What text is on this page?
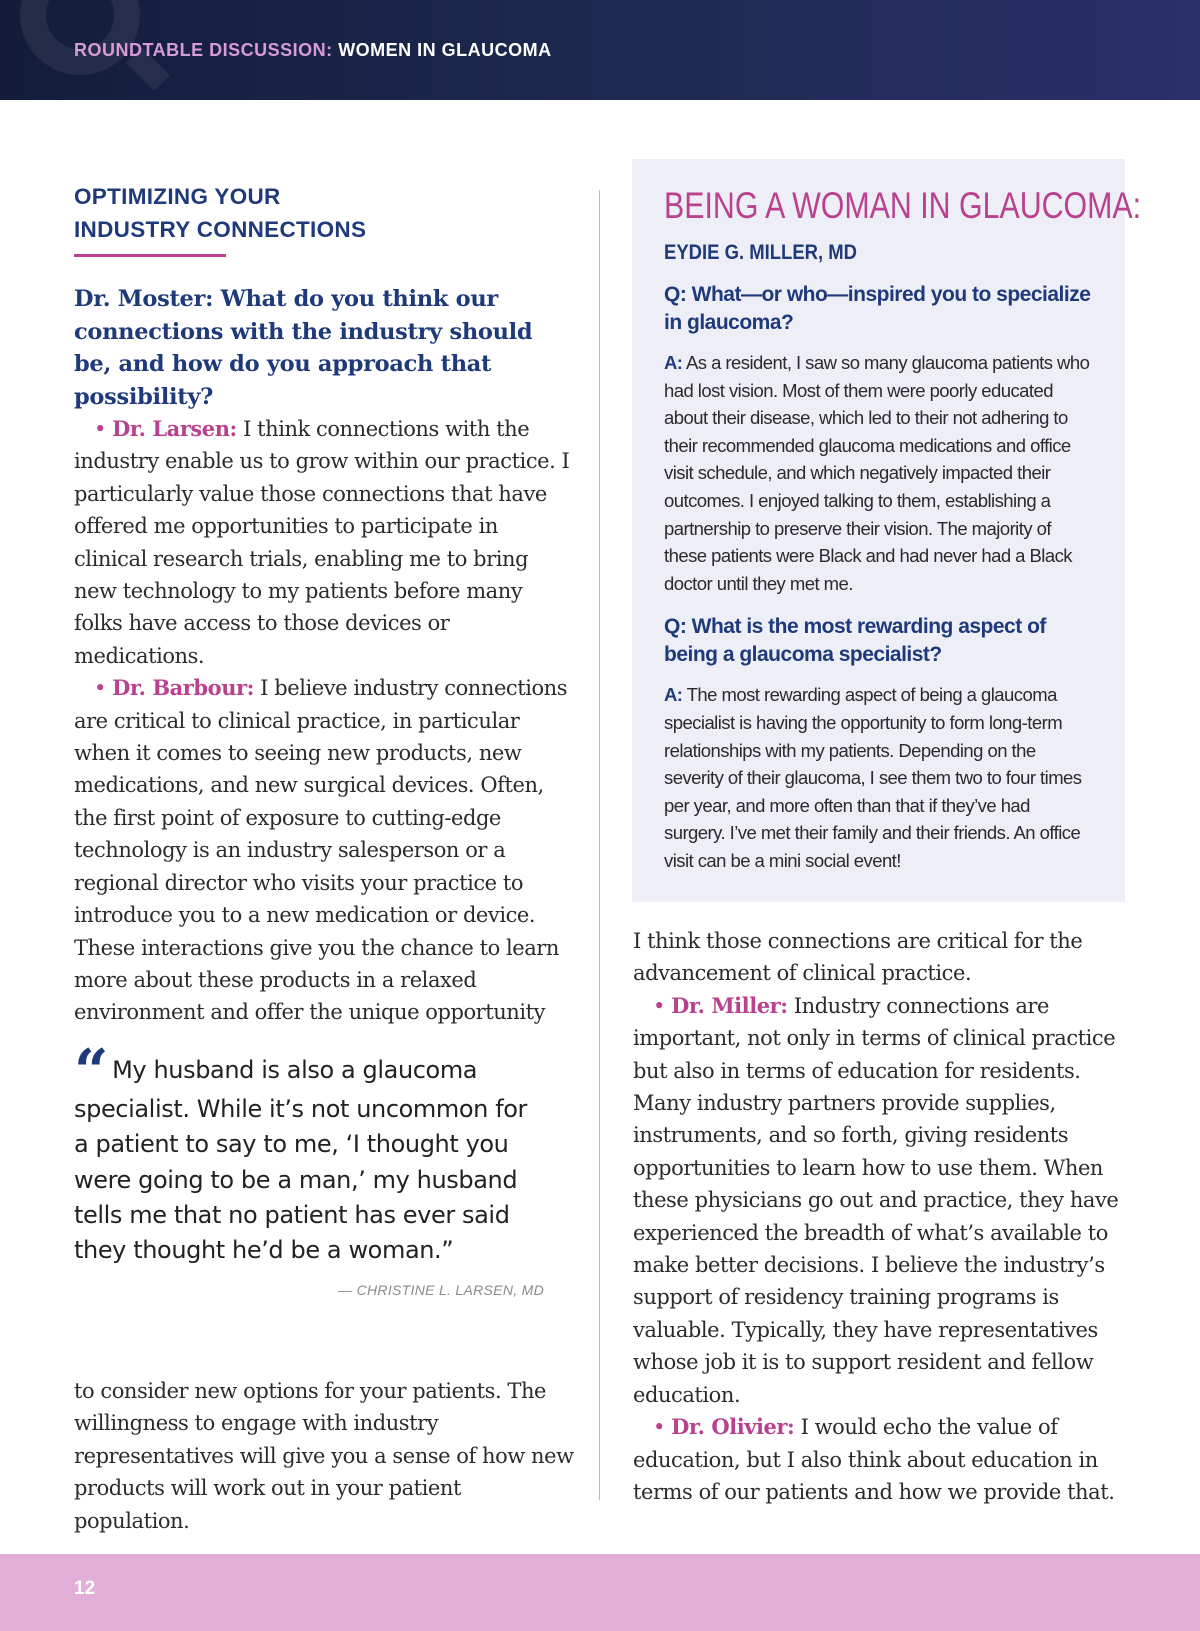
ROUNDTABLE DISCUSSION: WOMEN IN GLAUCOMA
OPTIMIZING YOUR
INDUSTRY CONNECTIONS

Dr. Moster: What do you think our connections with the industry should be, and how do you approach that possibility?

• Dr. Larsen: I think connections with the industry enable us to grow within our practice. I particularly value those connections that have offered me opportunities to participate in clinical research trials, enabling me to bring new technology to my patients before many folks have access to those devices or medications.

• Dr. Barbour: I believe industry connections are critical to clinical practice, in particular when it comes to seeing new products, new medications, and new surgical devices. Often, the first point of exposure to cutting-edge technology is an industry salesperson or a regional director who visits your practice to introduce you to a new medication or device. These interactions give you the chance to learn more about these products in a relaxed environment and offer the unique opportunity

“ My husband is also a glaucoma specialist. While it’s not uncommon for a patient to say to me, ‘I thought you were going to be a man,’ my husband tells me that no patient has ever said they thought he’d be a woman.”

— CHRISTINE L. LARSEN, MD

to consider new options for your patients. The willingness to engage with industry representatives will give you a sense of how new products will work out in your patient population.

BEING A WOMAN IN GLAUCOMA:
EYDIE G. MILLER, MD

Q: What—or who—inspired you to specialize in glaucoma?

A: As a resident, I saw so many glaucoma patients who had lost vision. Most of them were poorly educated about their disease, which led to their not adhering to their recommended glaucoma medications and office visit schedule, and which negatively impacted their outcomes. I enjoyed talking to them, establishing a partnership to preserve their vision. The majority of these patients were Black and had never had a Black doctor until they met me.

Q: What is the most rewarding aspect of being a glaucoma specialist?

A: The most rewarding aspect of being a glaucoma specialist is having the opportunity to form long-term relationships with my patients. Depending on the severity of their glaucoma, I see them two to four times per year, and more often than that if they’ve had surgery. I’ve met their family and their friends. An office visit can be a mini social event!

I think those connections are critical for the advancement of clinical practice.

• Dr. Miller: Industry connections are important, not only in terms of clinical practice but also in terms of education for residents. Many industry partners provide supplies, instruments, and so forth, giving residents opportunities to learn how to use them. When these physicians go out and practice, they have experienced the breadth of what’s available to make better decisions. I believe the industry’s support of residency training programs is valuable. Typically, they have representatives whose job it is to support resident and fellow education.

• Dr. Olivier: I would echo the value of education, but I also think about education in terms of our patients and how we provide that.

12
